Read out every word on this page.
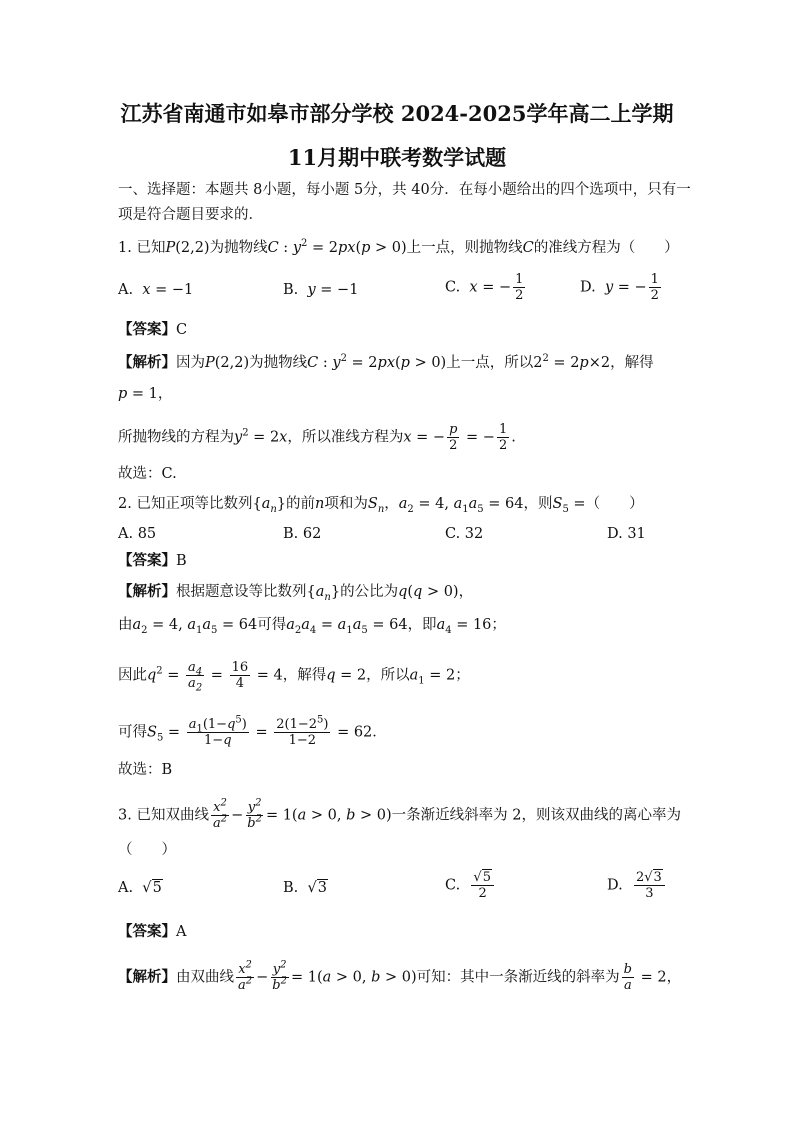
江苏省南通市如皋市部分学校 2024-2025学年高二上学期
11月期中联考数学试题
一、选择题：本题共 8小题，每小题 5分，共 40分．在每小题给出的四个选项中，只有一
项是符合题目要求的．
1. 已知P(2,2)为抛物线C : $y^2 = 2px(p > 0)$上一点，则抛物线C的准线方程为（　　）
A. x = −1	B. y = −1	C. x = − $\frac{1}{2}$	D. y = − $\frac{1}{2}$
【答案】C
【解析】因为P(2,2)为抛物线C : $y^2 = 2px(p > 0)$上一点，所以$2^2 = 2p\times 2$，解得
p = 1，
所抛物线的方程为$y^2 = 2x$，所以准线方程为x = − $\frac{p}{2}$ = − $\frac{1}{2}$ .
故选：C.
2. 已知正项等比数列$\{a_n\}$的前n项和为$S_n$，$a_2 = 4$, $a_1a_5 = 64$，则$S_5$ =（　　）
A. 85	B. 62	C. 32	D. 31
【答案】B
【解析】根据题意设等比数列$\{a_n\}$的公比为q(q > 0)，
由$a_2 = 4$, $a_1a_5 = 64$可得$a_2a_4 = a_1a_5 = 64$，即$a_4 = 16$；
因此$q^2 = \frac{a_4}{a_2} = \frac{16}{4} = 4$，解得q = 2，所以$a_1 = 2$；
可得$S_5 = \frac{a_1(1-q^5)}{1-q} = \frac{2(1-2^5)}{1-2} = 62$．
故选：B
3. 已知双曲线 $\frac{x^2}{a^2} - \frac{y^2}{b^2} = 1(a > 0$, b > 0)一条渐近线斜率为 2，则该双曲线的离心率为
（　　）
A.  √5	B.  √3	C. $\frac{√5}{2}$	D. $\frac{2√3}{3}$
【答案】A
【解析】由双曲线 $\frac{x^2}{a^2} - \frac{y^2}{b^2} = 1(a > 0$, b > 0)可知：其中一条渐近线的斜率为 $\frac{b}{a} = 2$，
